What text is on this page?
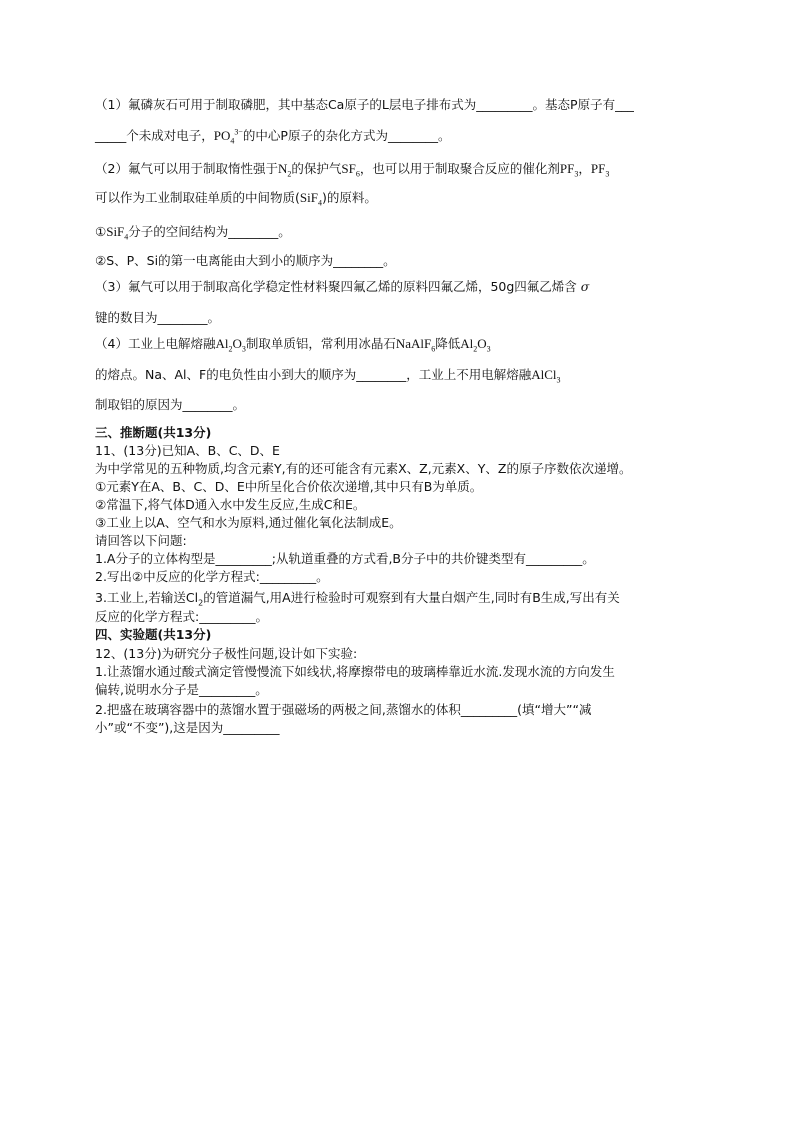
（1）氟磷灰石可用于制取磷肥，其中基态Ca原子的L层电子排布式为_________。基态P原子有___
_____个未成对电子，$PO_4^{3-}$的中心P原子的杂化方式为________。
（2）氟气可以用于制取惰性强于$N_2$的保护气$SF_6$，也可以用于制取聚合反应的催化剂$PF_3$，$PF_3$
可以作为工业制取硅单质的中间物质(SiF$_4$)的原料。
①SiF$_4$分子的空间结构为________。
②S、P、Si的第一电离能由大到小的顺序为________。
（3）氟气可以用于制取高化学稳定性材料聚四氟乙烯的原料四氟乙烯，50g四氟乙烯含 σ
键的数目为________。
（4）工业上电解熔融$Al_2O_3$制取单质铝，常利用冰晶石NaAlF$_6$降低$Al_2O_3$
的熔点。Na、Al、F的电负性由小到大的顺序为________，工业上不用电解熔融AlCl$_3$
制取铝的原因为________。
三、推断题(共13分)
11、(13分)已知A、B、C、D、E
为中学常见的五种物质,均含元素Y,有的还可能含有元素X、Z,元素X、Y、Z的原子序数依次递增。
①元素Y在A、B、C、D、E中所呈化合价依次递增,其中只有B为单质。
②常温下,将气体D通入水中发生反应,生成C和E。
③工业上以A、空气和水为原料,通过催化氧化法制成E。
请回答以下问题:
1.A分子的立体构型是_________;从轨道重叠的方式看,B分子中的共价键类型有_________。
2.写出②中反应的化学方程式:_________。
3.工业上,若输送$Cl_2$的管道漏气,用A进行检验时可观察到有大量白烟产生,同时有B生成,写出有关
反应的化学方程式:_________。
四、实验题(共13分)
12、(13分)为研究分子极性问题,设计如下实验:
1.让蒸馏水通过酸式滴定管慢慢流下如线状,将摩擦带电的玻璃棒靠近水流.发现水流的方向发生
偏转,说明水分子是_________。
2.把盛在玻璃容器中的蒸馏水置于强磁场的两极之间,蒸馏水的体积_________(填“增大”“减
小”或“不变”),这是因为_________
